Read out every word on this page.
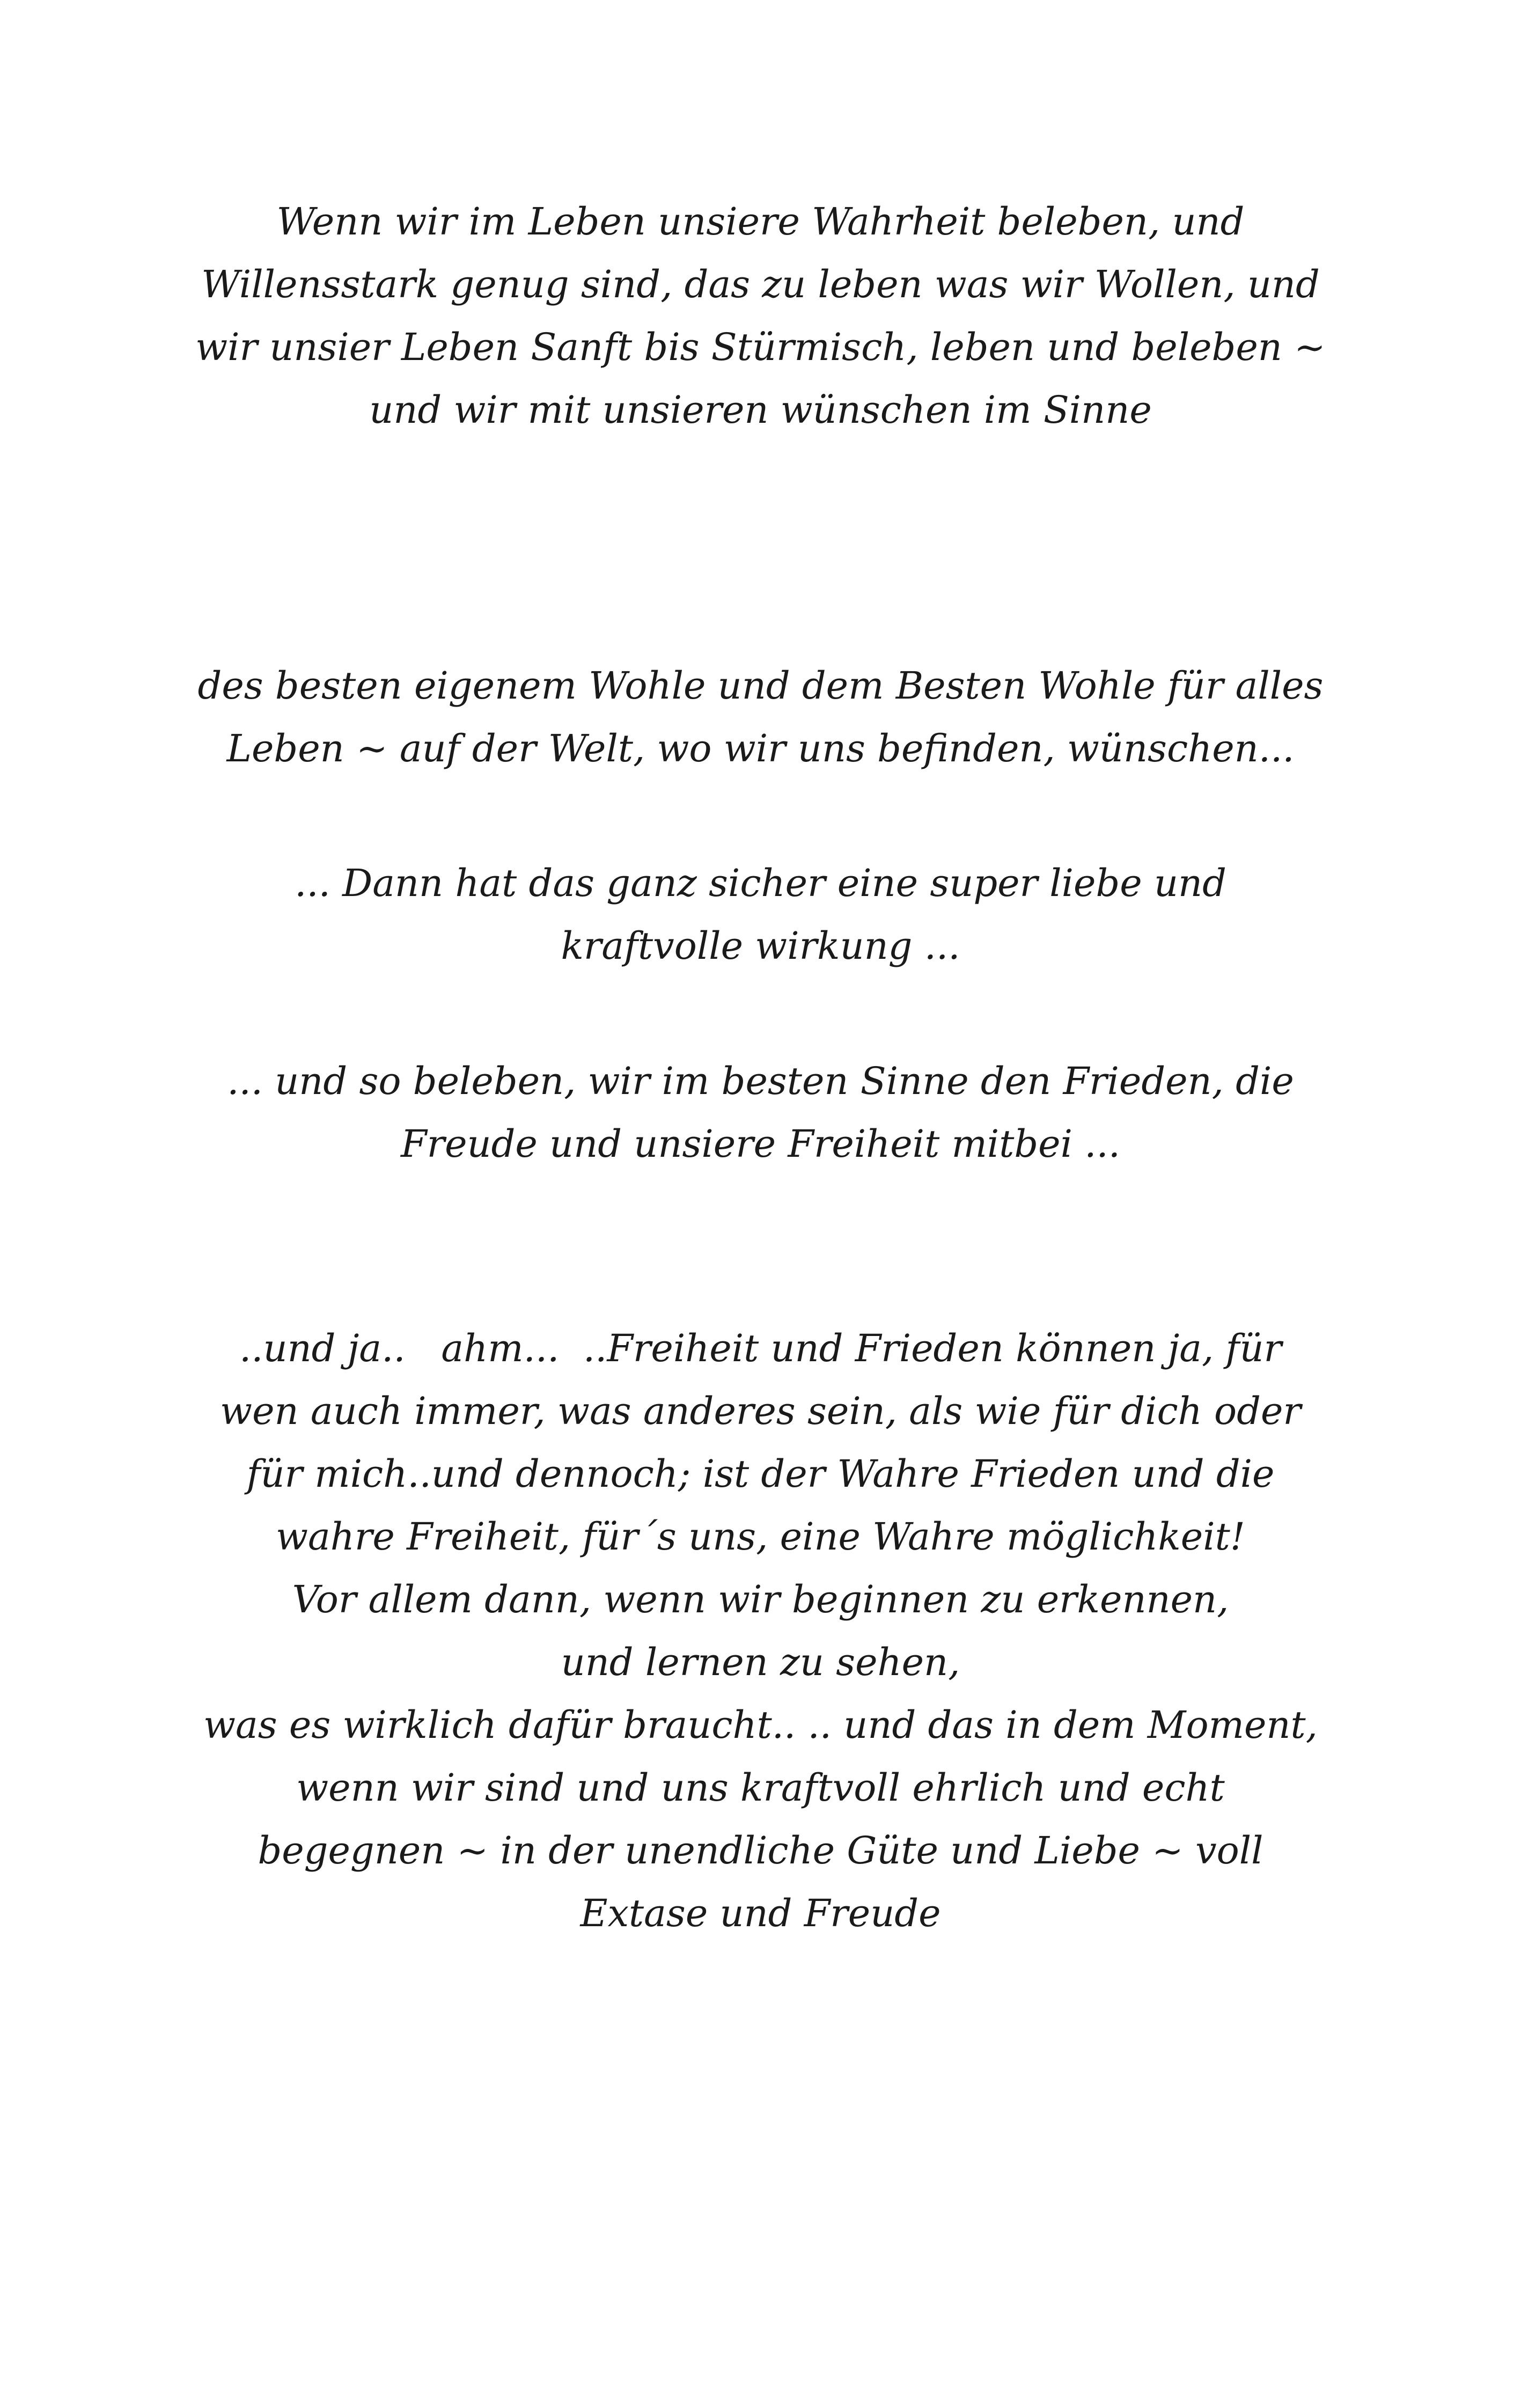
Wenn wir im Leben unsiere Wahrheit beleben, und
Willensstark genug sind, das zu leben was wir Wollen, und
wir unsier Leben Sanft bis Stürmisch, leben und beleben ~
und wir mit unsieren wünschen im Sinne
des besten eigenem Wohle und dem Besten Wohle für alles
Leben ~ auf der Welt, wo wir uns befinden, wünschen...
... Dann hat das ganz sicher eine super liebe und
kraftvolle wirkung ...
... und so beleben, wir im besten Sinne den Frieden, die
Freude und unsiere Freiheit mitbei ...
..und ja..   ahm...  ..Freiheit und Frieden können ja, für
wen auch immer, was anderes sein, als wie für dich oder
für mich..und dennoch; ist der Wahre Frieden und die
wahre Freiheit, für´s uns, eine Wahre möglichkeit!
Vor allem dann, wenn wir beginnen zu erkennen,
und lernen zu sehen,
was es wirklich dafür braucht.. .. und das in dem Moment,
wenn wir sind und uns kraftvoll ehrlich und echt
begegnen ~ in der unendliche Güte und Liebe ~ voll
Extase und Freude
